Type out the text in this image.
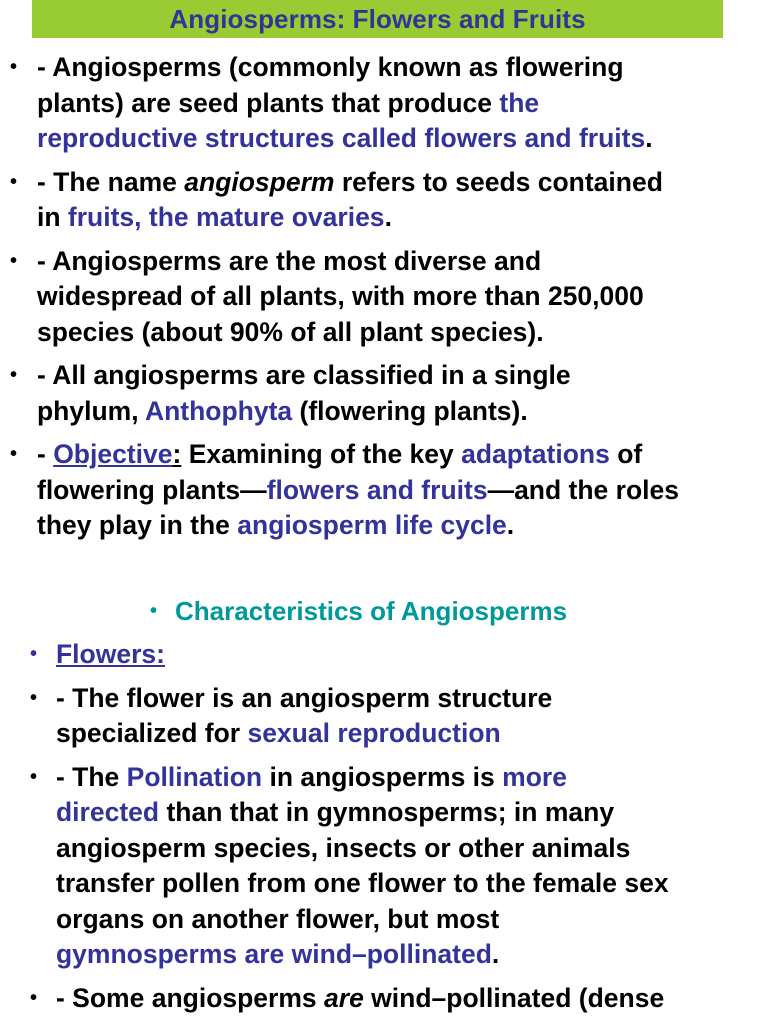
Angiosperms: Flowers and Fruits
• - Angiosperms (commonly known as flowering
plants) are seed plants that produce the
reproductive structures called flowers and fruits.
• - The name angiosperm refers to seeds contained
in fruits, the mature ovaries.
• - Angiosperms are the most diverse and
widespread of all plants, with more than 250,000
species (about 90% of all plant species).
• - All angiosperms are classified in a single
phylum, Anthophyta (flowering plants).
• - Objective: Examining of the key adaptations of
flowering plants—flowers and fruits—and the roles
they play in the angiosperm life cycle.
• Characteristics of Angiosperms
• Flowers:
• - The flower is an angiosperm structure
specialized for sexual reproduction
• - The Pollination in angiosperms is more
directed than that in gymnosperms; in many
angiosperm species, insects or other animals
transfer pollen from one flower to the female sex
organs on another flower, but most
gymnosperms are wind–pollinated.
• - Some angiosperms are wind–pollinated (dense
